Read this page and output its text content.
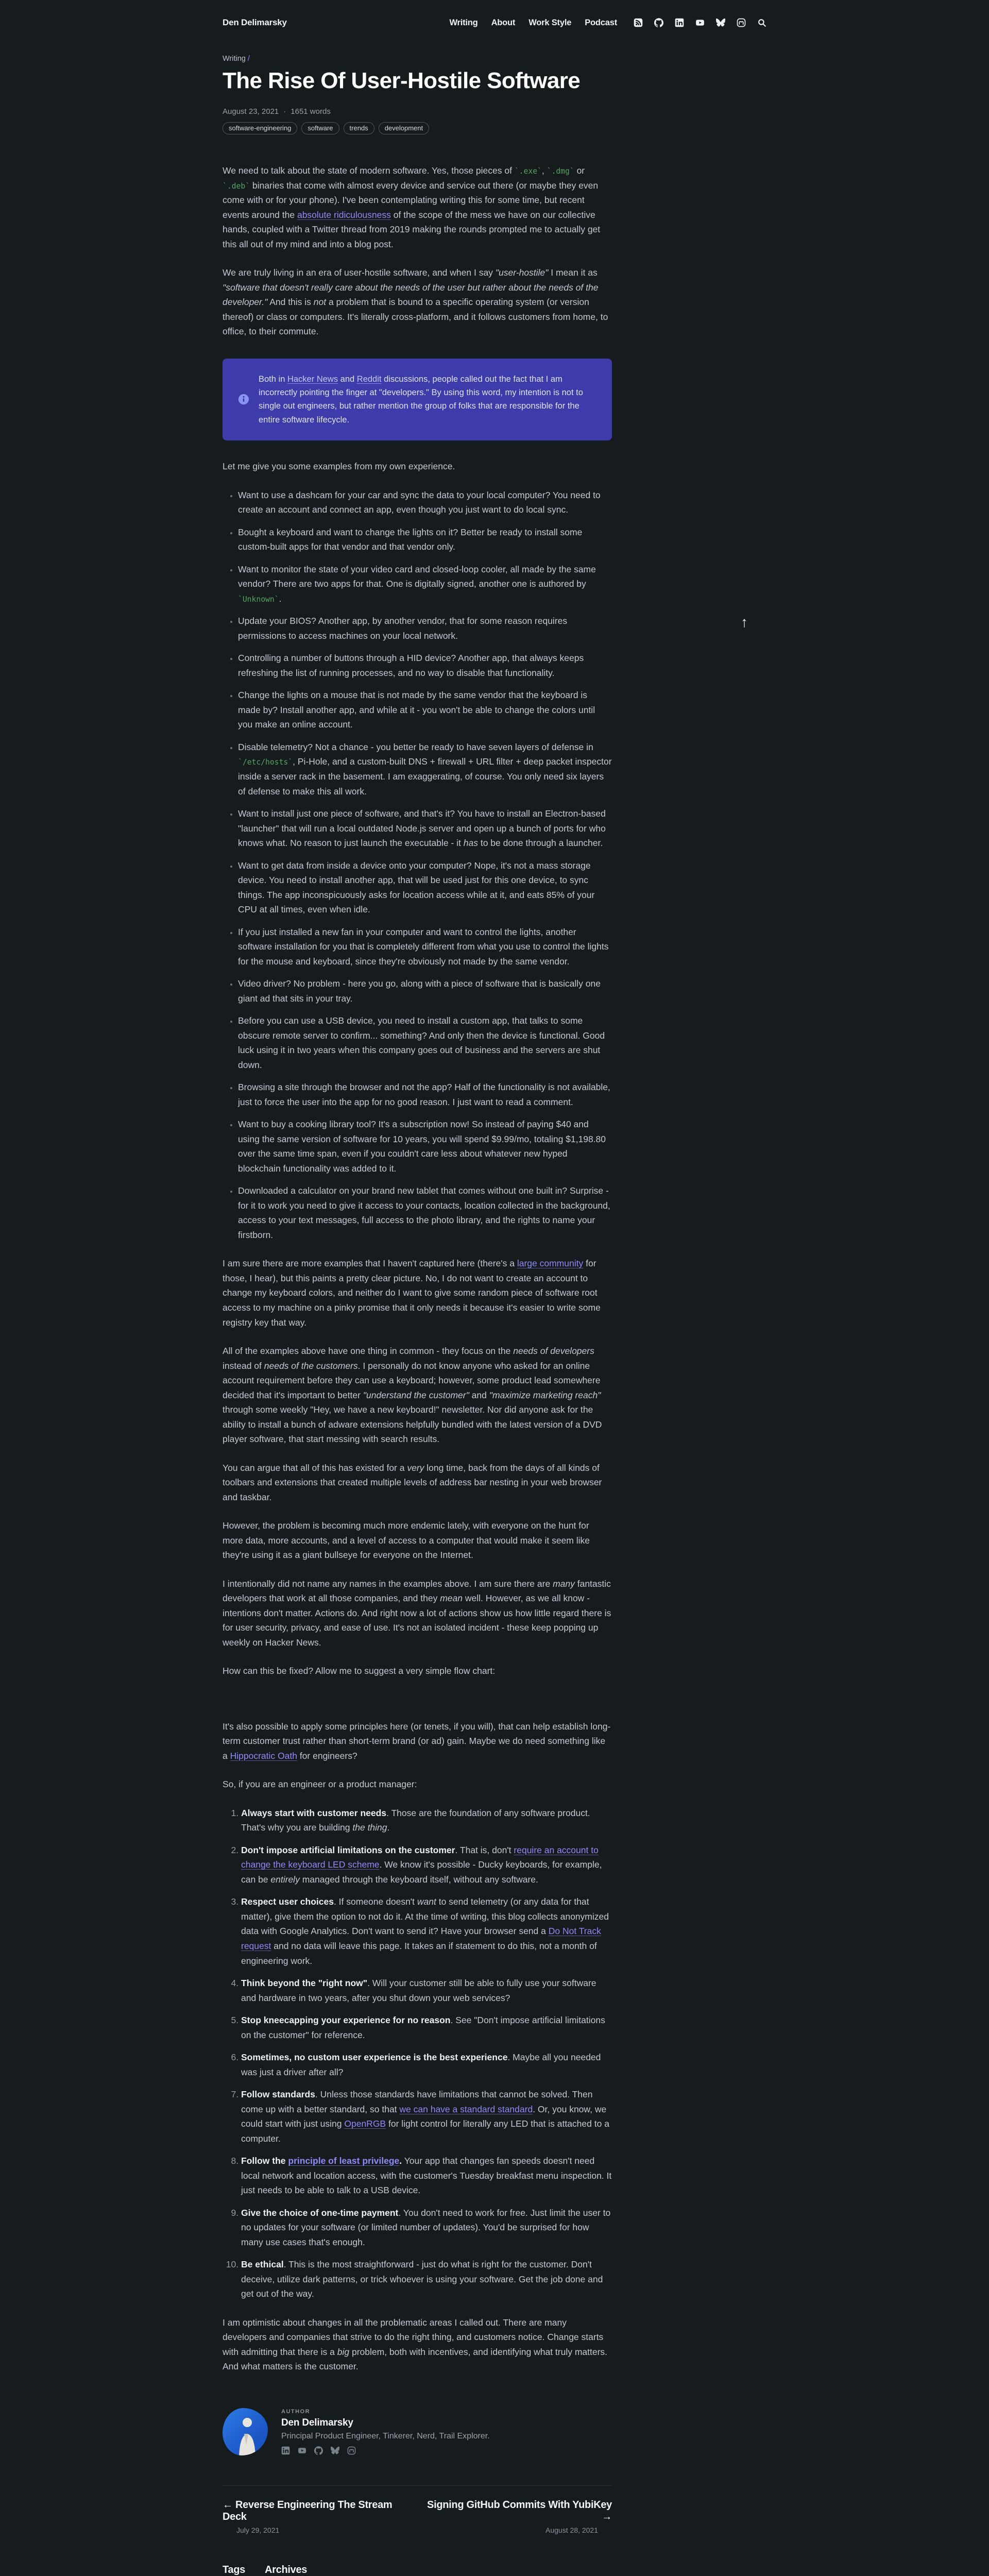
Den Delimarsky	Writing About Work Style Podcast
Writing /
The Rise Of User-Hostile Software
August 23, 2021 · 1651 words
software-engineering	software	trends	development

We need to talk about the state of modern software. Yes, those pieces of `.exe`, `.dmg` or `.deb` binaries that come with almost every device and service out there (or maybe they even come with or for your phone). I've been contemplating writing this for some time, but recent events around the absolute ridiculousness of the scope of the mess we have on our collective hands, coupled with a Twitter thread from 2019 making the rounds prompted me to actually get this all out of my mind and into a blog post.

We are truly living in an era of user-hostile software, and when I say "user-hostile" I mean it as "software that doesn't really care about the needs of the user but rather about the needs of the developer." And this is not a problem that is bound to a specific operating system (or version thereof) or class or computers. It's literally cross-platform, and it follows customers from home, to office, to their commute.

Both in Hacker News and Reddit discussions, people called out the fact that I am incorrectly pointing the finger at "developers." By using this word, my intention is not to single out engineers, but rather mention the group of folks that are responsible for the entire software lifecycle.

Let me give you some examples from my own experience.

• Want to use a dashcam for your car and sync the data to your local computer? You need to create an account and connect an app, even though you just want to do local sync.
• Bought a keyboard and want to change the lights on it? Better be ready to install some custom-built apps for that vendor and that vendor only.
• Want to monitor the state of your video card and closed-loop cooler, all made by the same vendor? There are two apps for that. One is digitally signed, another one is authored by `Unknown`.
• Update your BIOS? Another app, by another vendor, that for some reason requires permissions to access machines on your local network.
• Controlling a number of buttons through a HID device? Another app, that always keeps refreshing the list of running processes, and no way to disable that functionality.
• Change the lights on a mouse that is not made by the same vendor that the keyboard is made by? Install another app, and while at it - you won't be able to change the colors until you make an online account.
• Disable telemetry? Not a chance - you better be ready to have seven layers of defense in `/etc/hosts`, Pi-Hole, and a custom-built DNS + firewall + URL filter + deep packet inspector inside a server rack in the basement. I am exaggerating, of course. You only need six layers of defense to make this all work.
• Want to install just one piece of software, and that's it? You have to install an Electron-based "launcher" that will run a local outdated Node.js server and open up a bunch of ports for who knows what. No reason to just launch the executable - it has to be done through a launcher.
• Want to get data from inside a device onto your computer? Nope, it's not a mass storage device. You need to install another app, that will be used just for this one device, to sync things. The app inconspicuously asks for location access while at it, and eats 85% of your CPU at all times, even when idle.
• If you just installed a new fan in your computer and want to control the lights, another software installation for you that is completely different from what you use to control the lights for the mouse and keyboard, since they're obviously not made by the same vendor.
• Video driver? No problem - here you go, along with a piece of software that is basically one giant ad that sits in your tray.
• Before you can use a USB device, you need to install a custom app, that talks to some obscure remote server to confirm... something? And only then the device is functional. Good luck using it in two years when this company goes out of business and the servers are shut down.
• Browsing a site through the browser and not the app? Half of the functionality is not available, just to force the user into the app for no good reason. I just want to read a comment.
• Want to buy a cooking library tool? It's a subscription now! So instead of paying $40 and using the same version of software for 10 years, you will spend $9.99/mo, totaling $1,198.80 over the same time span, even if you couldn't care less about whatever new hyped blockchain functionality was added to it.
• Downloaded a calculator on your brand new tablet that comes without one built in? Surprise - for it to work you need to give it access to your contacts, location collected in the background, access to your text messages, full access to the photo library, and the rights to name your firstborn.

I am sure there are more examples that I haven't captured here (there's a large community for those, I hear), but this paints a pretty clear picture. No, I do not want to create an account to change my keyboard colors, and neither do I want to give some random piece of software root access to my machine on a pinky promise that it only needs it because it's easier to write some registry key that way.

All of the examples above have one thing in common - they focus on the needs of developers instead of needs of the customers. I personally do not know anyone who asked for an online account requirement before they can use a keyboard; however, some product lead somewhere decided that it's important to better "understand the customer" and "maximize marketing reach" through some weekly "Hey, we have a new keyboard!" newsletter. Nor did anyone ask for the ability to install a bunch of adware extensions helpfully bundled with the latest version of a DVD player software, that start messing with search results.

You can argue that all of this has existed for a very long time, back from the days of all kinds of toolbars and extensions that created multiple levels of address bar nesting in your web browser and taskbar.

However, the problem is becoming much more endemic lately, with everyone on the hunt for more data, more accounts, and a level of access to a computer that would make it seem like they're using it as a giant bullseye for everyone on the Internet.

I intentionally did not name any names in the examples above. I am sure there are many fantastic developers that work at all those companies, and they mean well. However, as we all know - intentions don't matter. Actions do. And right now a lot of actions show us how little regard there is for user security, privacy, and ease of use. It's not an isolated incident - these keep popping up weekly on Hacker News.

How can this be fixed? Allow me to suggest a very simple flow chart:

It's also possible to apply some principles here (or tenets, if you will), that can help establish long-term customer trust rather than short-term brand (or ad) gain. Maybe we do need something like a Hippocratic Oath for engineers?

So, if you are an engineer or a product manager:

1. Always start with customer needs. Those are the foundation of any software product. That's why you are building the thing.
2. Don't impose artificial limitations on the customer. That is, don't require an account to change the keyboard LED scheme. We know it's possible - Ducky keyboards, for example, can be entirely managed through the keyboard itself, without any software.
3. Respect user choices. If someone doesn't want to send telemetry (or any data for that matter), give them the option to not do it. At the time of writing, this blog collects anonymized data with Google Analytics. Don't want to send it? Have your browser send a Do Not Track request and no data will leave this page. It takes an if statement to do this, not a month of engineering work.
4. Think beyond the "right now". Will your customer still be able to fully use your software and hardware in two years, after you shut down your web services?
5. Stop kneecapping your experience for no reason. See "Don't impose artificial limitations on the customer" for reference.
6. Sometimes, no custom user experience is the best experience. Maybe all you needed was just a driver after all?
7. Follow standards. Unless those standards have limitations that cannot be solved. Then come up with a better standard, so that we can have a standard standard. Or, you know, we could start with just using OpenRGB for light control for literally any LED that is attached to a computer.
8. Follow the principle of least privilege. Your app that changes fan speeds doesn't need local network and location access, with the customer's Tuesday breakfast menu inspection. It just needs to be able to talk to a USB device.
9. Give the choice of one-time payment. You don't need to work for free. Just limit the user to no updates for your software (or limited number of updates). You'd be surprised for how many use cases that's enough.
10. Be ethical. This is the most straightforward - just do what is right for the customer. Don't deceive, utilize dark patterns, or trick whoever is using your software. Get the job done and get out of the way.

I am optimistic about changes in all the problematic areas I called out. There are many developers and companies that strive to do the right thing, and customers notice. Change starts with admitting that there is a big problem, both with incentives, and identifying what truly matters. And what matters is the customer.

AUTHOR
Den Delimarsky
Principal Product Engineer, Tinkerer, Nerd, Trail Explorer.
← Reverse Engineering The Stream Deck
July 29, 2021
Signing GitHub Commits With YubiKey →
August 28, 2021
Tags Archives
↑
